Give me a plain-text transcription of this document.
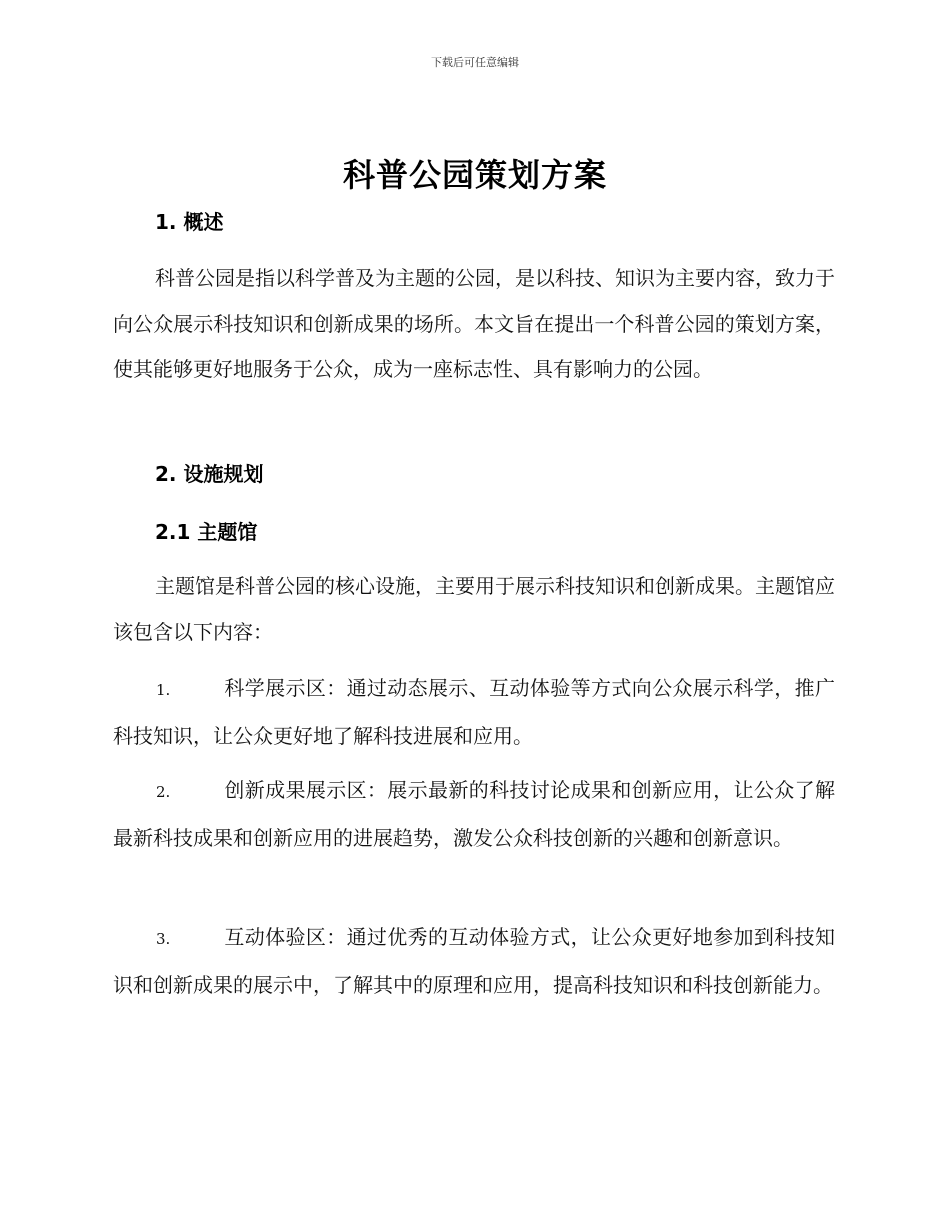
下载后可任意编辑
科普公园策划方案
1. 概述
科普公园是指以科学普及为主题的公园，是以科技、知识为主要内容，致力于向公众展示科技知识和创新成果的场所。本文旨在提出一个科普公园的策划方案，使其能够更好地服务于公众，成为一座标志性、具有影响力的公园。
2. 设施规划
2.1 主题馆
主题馆是科普公园的核心设施，主要用于展示科技知识和创新成果。主题馆应该包含以下内容：
1.	科学展示区：通过动态展示、互动体验等方式向公众展示科学，推广科技知识，让公众更好地了解科技进展和应用。
2.	创新成果展示区：展示最新的科技讨论成果和创新应用，让公众了解最新科技成果和创新应用的进展趋势，激发公众科技创新的兴趣和创新意识。
3.	互动体验区：通过优秀的互动体验方式，让公众更好地参加到科技知识和创新成果的展示中，了解其中的原理和应用，提高科技知识和科技创新能力。
